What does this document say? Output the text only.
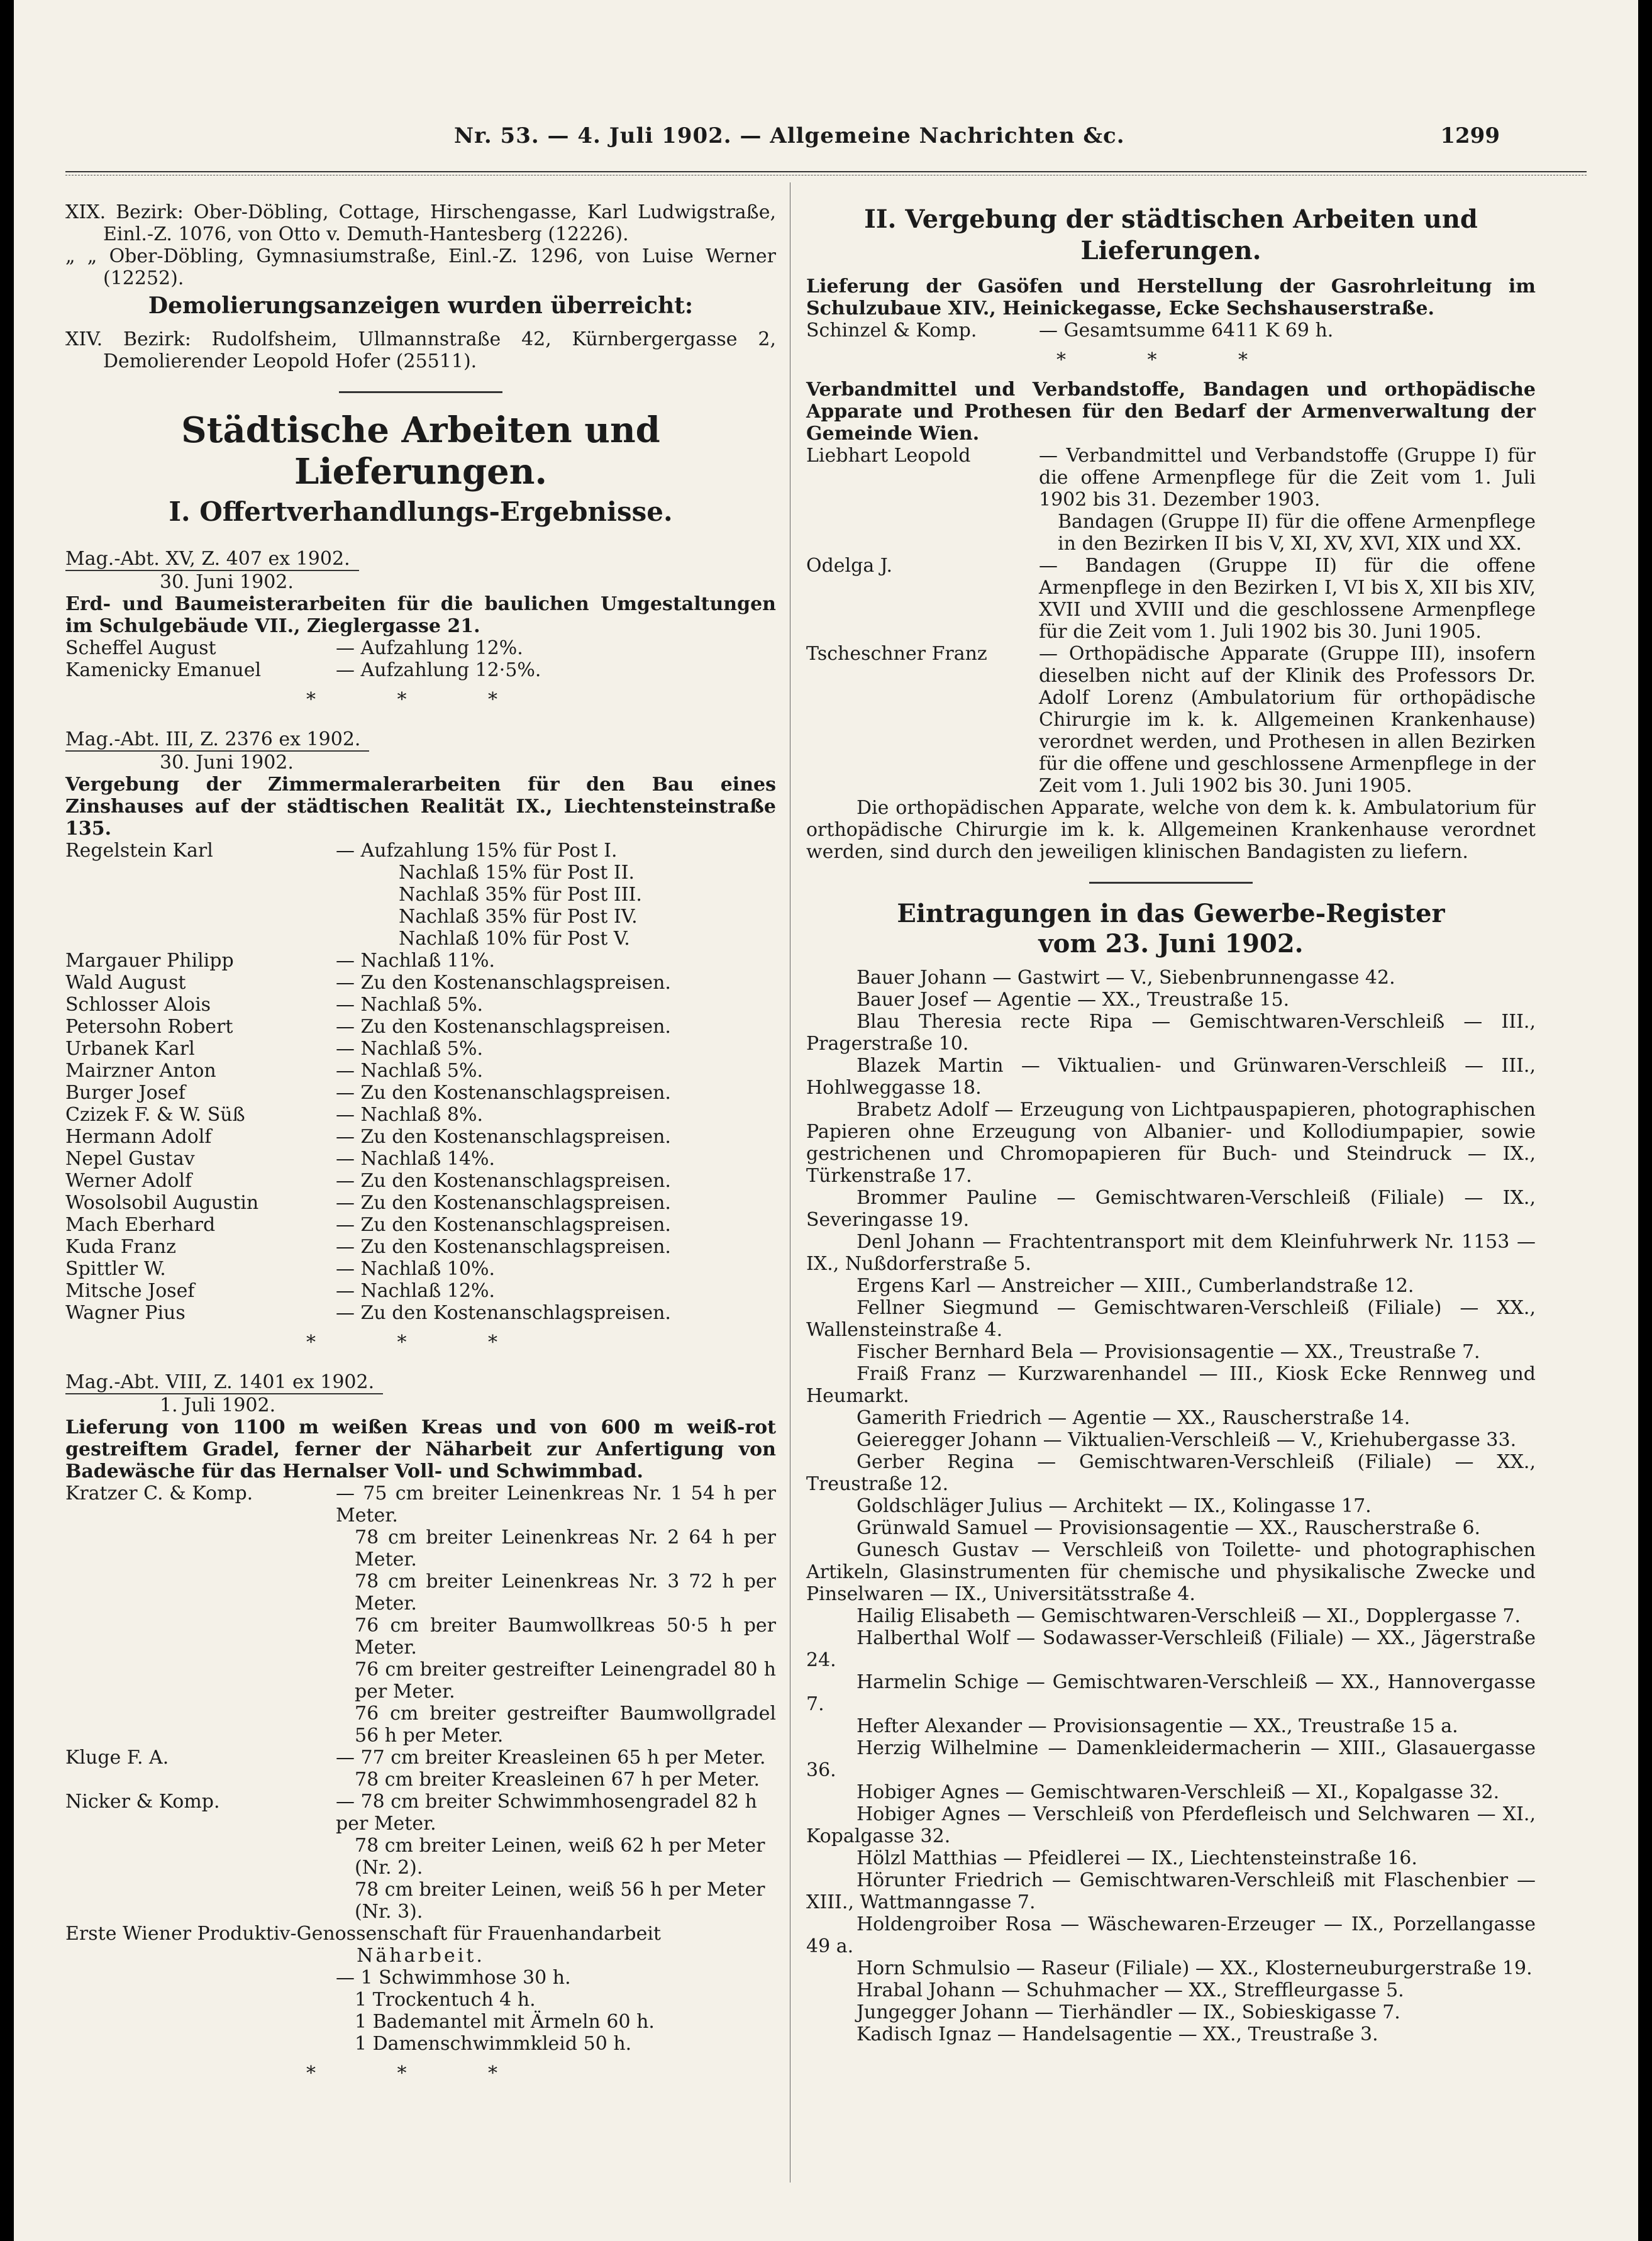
Nr. 53. — 4. Juli 1902. — Allgemeine Nachrichten &c.	1299

XIX. Bezirk: Ober-Döbling, Cottage, Hirschengasse, Karl Ludwigstraße, Einl.-Z. 1076, von Otto v. Demuth-Hantesberg (12226).

„ „ Ober-Döbling, Gymnasiumstraße, Einl.-Z. 1296, von Luise Werner (12252).

Demolierungsanzeigen wurden überreicht:

XIV. Bezirk: Rudolfsheim, Ullmannstraße 42, Kürnbergergasse 2, Demolierender Leopold Hofer (25511).

Städtische Arbeiten und Lieferungen.

I. Offertverhandlungs-Ergebnisse.

Mag.-Abt. XV, Z. 407 ex 1902.

30. Juni 1902.

Erd- und Baumeisterarbeiten für die baulichen Umgestaltungen im Schulgebäude VII., Zieglergasse 21.

Scheffel August	— Aufzahlung 12%.
Kamenicky Emanuel	— Aufzahlung 12·5%.
* * *
Mag.-Abt. III, Z. 2376 ex 1902.

30. Juni 1902.

Vergebung der Zimmermalerarbeiten für den Bau eines Zinshauses auf der städtischen Realität IX., Liechtensteinstraße 135.

Regelstein Karl	— Aufzahlung 15% für Post I.
Nachlaß 15% für Post II.
Nachlaß 35% für Post III.
Nachlaß 35% für Post IV.
Nachlaß 10% für Post V.
Margauer Philipp	— Nachlaß 11%.
Wald August	— Zu den Kostenanschlagspreisen.
Schlosser Alois	— Nachlaß 5%.
Petersohn Robert	— Zu den Kostenanschlagspreisen.
Urbanek Karl	— Nachlaß 5%.
Mairzner Anton	— Nachlaß 5%.
Burger Josef	— Zu den Kostenanschlagspreisen.
Czizek F. & W. Süß	— Nachlaß 8%.
Hermann Adolf	— Zu den Kostenanschlagspreisen.
Nepel Gustav	— Nachlaß 14%.
Werner Adolf	— Zu den Kostenanschlagspreisen.
Wosolsobil Augustin	— Zu den Kostenanschlagspreisen.
Mach Eberhard	— Zu den Kostenanschlagspreisen.
Kuda Franz	— Zu den Kostenanschlagspreisen.
Spittler W.	— Nachlaß 10%.
Mitsche Josef	— Nachlaß 12%.
Wagner Pius	— Zu den Kostenanschlagspreisen.
* * *
Mag.-Abt. VIII, Z. 1401 ex 1902.

1. Juli 1902.

Lieferung von 1100 m weißen Kreas und von 600 m weiß-rot gestreiftem Gradel, ferner der Näharbeit zur Anfertigung von Badewäsche für das Hernalser Voll- und Schwimmbad.

Kratzer C. & Komp.	— 75 cm breiter Leinenkreas Nr. 1 54 h per Meter.
78 cm breiter Leinenkreas Nr. 2 64 h per Meter.
78 cm breiter Leinenkreas Nr. 3 72 h per Meter.
76 cm breiter Baumwollkreas 50·5 h per Meter.
76 cm breiter gestreifter Leinengradel 80 h per Meter.
76 cm breiter gestreifter Baumwollgradel 56 h per Meter.
Kluge F. A.	— 77 cm breiter Kreasleinen 65 h per Meter.
78 cm breiter Kreasleinen 67 h per Meter.
Nicker & Komp.	— 78 cm breiter Schwimmhosengradel 82 h per Meter.
78 cm breiter Leinen, weiß 62 h per Meter (Nr. 2).
78 cm breiter Leinen, weiß 56 h per Meter (Nr. 3).

Erste Wiener Produktiv-Genossenschaft für Frauenhandarbeit

Näharbeit.

— 1 Schwimmhose 30 h.
1 Trockentuch 4 h.
1 Bademantel mit Ärmeln 60 h.
1 Damenschwimmkleid 50 h.
* * *

II. Vergebung der städtischen Arbeiten und Lieferungen.

Lieferung der Gasöfen und Herstellung der Gasrohrleitung im Schulzubaue XIV., Heinickegasse, Ecke Sechshauserstraße.

Schinzel & Komp.	— Gesamtsumme 6411 K 69 h.
* * *

Verbandmittel und Verbandstoffe, Bandagen und orthopädische Apparate und Prothesen für den Bedarf der Armenverwaltung der Gemeinde Wien.

Liebhart Leopold	— Verbandmittel und Verbandstoffe (Gruppe I) für die offene Armenpflege für die Zeit vom 1. Juli 1902 bis 31. Dezember 1903.
Bandagen (Gruppe II) für die offene Armenpflege in den Bezirken II bis V, XI, XV, XVI, XIX und XX.
Odelga J.	— Bandagen (Gruppe II) für die offene Armenpflege in den Bezirken I, VI bis X, XII bis XIV, XVII und XVIII und die geschlossene Armenpflege für die Zeit vom 1. Juli 1902 bis 30. Juni 1905.
Tscheschner Franz	— Orthopädische Apparate (Gruppe III), insofern dieselben nicht auf der Klinik des Professors Dr. Adolf Lorenz (Ambulatorium für orthopädische Chirurgie im k. k. Allgemeinen Krankenhause) verordnet werden, und Prothesen in allen Bezirken für die offene und geschlossene Armenpflege in der Zeit vom 1. Juli 1902 bis 30. Juni 1905.

Die orthopädischen Apparate, welche von dem k. k. Ambulatorium für orthopädische Chirurgie im k. k. Allgemeinen Krankenhause verordnet werden, sind durch den jeweiligen klinischen Bandagisten zu liefern.

Eintragungen in das Gewerbe-Register

vom 23. Juni 1902.

Bauer Johann — Gastwirt — V., Siebenbrunnengasse 42.

Bauer Josef — Agentie — XX., Treustraße 15.

Blau Theresia recte Ripa — Gemischtwaren-Verschleiß — III., Pragerstraße 10.

Blazek Martin — Viktualien- und Grünwaren-Verschleiß — III., Hohlweggasse 18.

Brabetz Adolf — Erzeugung von Lichtpauspapieren, photographischen Papieren ohne Erzeugung von Albanier- und Kollodiumpapier, sowie gestrichenen und Chromopapieren für Buch- und Steindruck — IX., Türkenstraße 17.

Brommer Pauline — Gemischtwaren-Verschleiß (Filiale) — IX., Severingasse 19.

Denl Johann — Frachtentransport mit dem Kleinfuhrwerk Nr. 1153 — IX., Nußdorferstraße 5.

Ergens Karl — Anstreicher — XIII., Cumberlandstraße 12.

Fellner Siegmund — Gemischtwaren-Verschleiß (Filiale) — XX., Wallensteinstraße 4.

Fischer Bernhard Bela — Provisionsagentie — XX., Treustraße 7.

Fraiß Franz — Kurzwarenhandel — III., Kiosk Ecke Rennweg und Heumarkt.

Gamerith Friedrich — Agentie — XX., Rauscherstraße 14.

Geieregger Johann — Viktualien-Verschleiß — V., Kriehubergasse 33.

Gerber Regina — Gemischtwaren-Verschleiß (Filiale) — XX., Treustraße 12.

Goldschläger Julius — Architekt — IX., Kolingasse 17.

Grünwald Samuel — Provisionsagentie — XX., Rauscherstraße 6.

Gunesch Gustav — Verschleiß von Toilette- und photographischen Artikeln, Glasinstrumenten für chemische und physikalische Zwecke und Pinselwaren — IX., Universitätsstraße 4.

Hailig Elisabeth — Gemischtwaren-Verschleiß — XI., Dopplergasse 7.

Halberthal Wolf — Sodawasser-Verschleiß (Filiale) — XX., Jägerstraße 24.

Harmelin Schige — Gemischtwaren-Verschleiß — XX., Hannovergasse 7.

Hefter Alexander — Provisionsagentie — XX., Treustraße 15 a.

Herzig Wilhelmine — Damenkleidermacherin — XIII., Glasauergasse 36.

Hobiger Agnes — Gemischtwaren-Verschleiß — XI., Kopalgasse 32.

Hobiger Agnes — Verschleiß von Pferdefleisch und Selchwaren — XI., Kopalgasse 32.

Hölzl Matthias — Pfeidlerei — IX., Liechtensteinstraße 16.

Hörunter Friedrich — Gemischtwaren-Verschleiß mit Flaschenbier — XIII., Wattmanngasse 7.

Holdengroiber Rosa — Wäschewaren-Erzeuger — IX., Porzellangasse 49 a.

Horn Schmulsio — Raseur (Filiale) — XX., Klosterneuburgerstraße 19.

Hrabal Johann — Schuhmacher — XX., Streffleurgasse 5.

Jungegger Johann — Tierhändler — IX., Sobieskigasse 7.

Kadisch Ignaz — Handelsagentie — XX., Treustraße 3.
